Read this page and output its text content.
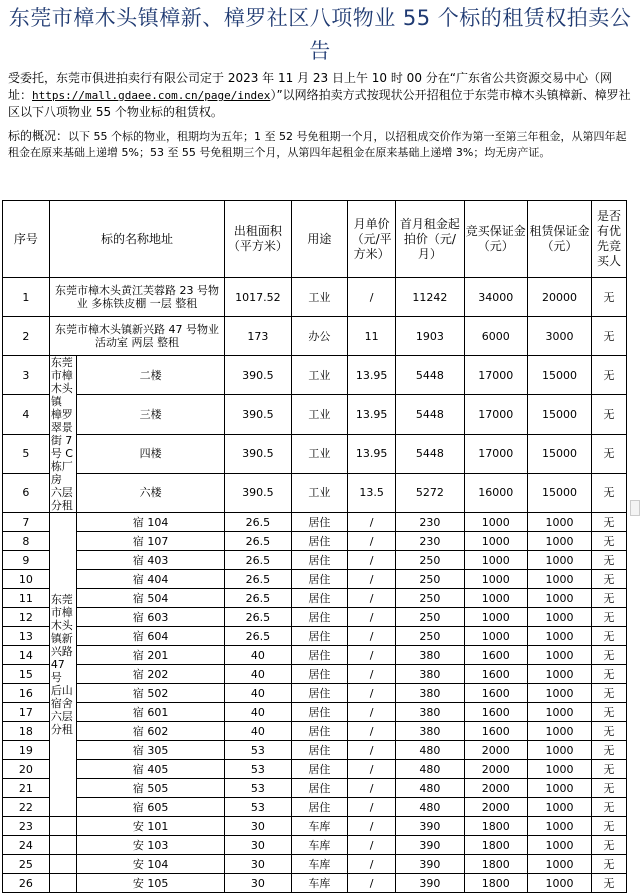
东莞市樟木头镇樟新、樟罗社区八项物业 55 个标的租赁权拍卖公告
受委托，东莞市俱进拍卖行有限公司定于 2023 年 11 月 23 日上午 10 时 00 分在“广东省公共资源交易中心（网址：https://mall.gdaee.com.cn/page/index）”以网络拍卖方式按现状公开招租位于东莞市樟木头镇樟新、樟罗社区以下八项物业 55 个物业标的租赁权。
标的概况：以下 55 个标的物业，租期均为五年；1 至 52 号免租期一个月，以招租成交价作为第一至第三年租金，从第四年起租金在原来基础上递增 5%；53 至 55 号免租期三个月，从第四年起租金在原来基础上递增 3%；均无房产证。
序号	标的名称地址		出租面积（平方米）	用途	月单价（元/平方米）	首月租金起拍价（元/月）	竞买保证金（元）	租赁保证金（元）	是否有优先竞买人
1	东莞市樟木头黄江芙蓉路 23 号物业 多栋铁皮棚 一层 整租		1017.52	工业	/	11242	34000	20000	无
2	东莞市樟木头镇新兴路 47 号物业 活动室 两层 整租		173	办公	11	1903	6000	3000	无
3	东莞市樟木头镇 樟罗翠景街 7 号 C 栋厂房 六层 分租	二楼	390.5	工业	13.95	5448	17000	15000	无
4		三楼	390.5	工业	13.95	5448	17000	15000	无
5		四楼	390.5	工业	13.95	5448	17000	15000	无
6		六楼	390.5	工业	13.5	5272	16000	15000	无
7	东莞市樟木头镇新兴路 47 号 后山宿舍 六层 分租	宿 104	26.5	居住	/	230	1000	1000	无
8		宿 107	26.5	居住	/	230	1000	1000	无
9		宿 403	26.5	居住	/	250	1000	1000	无
10		宿 404	26.5	居住	/	250	1000	1000	无
11		宿 504	26.5	居住	/	250	1000	1000	无
12		宿 603	26.5	居住	/	250	1000	1000	无
13		宿 604	26.5	居住	/	250	1000	1000	无
14		宿 201	40	居住	/	380	1600	1000	无
15		宿 202	40	居住	/	380	1600	1000	无
16		宿 502	40	居住	/	380	1600	1000	无
17		宿 601	40	居住	/	380	1600	1000	无
18		宿 602	40	居住	/	380	1600	1000	无
19		宿 305	53	居住	/	480	2000	1000	无
20		宿 405	53	居住	/	480	2000	1000	无
21		宿 505	53	居住	/	480	2000	1000	无
22		宿 605	53	居住	/	480	2000	1000	无
23		安 101	30	车库	/	390	1800	1000	无
24		安 103	30	车库	/	390	1800	1000	无
25		安 104	30	车库	/	390	1800	1000	无
26		安 105	30	车库	/	390	1800	1000	无
